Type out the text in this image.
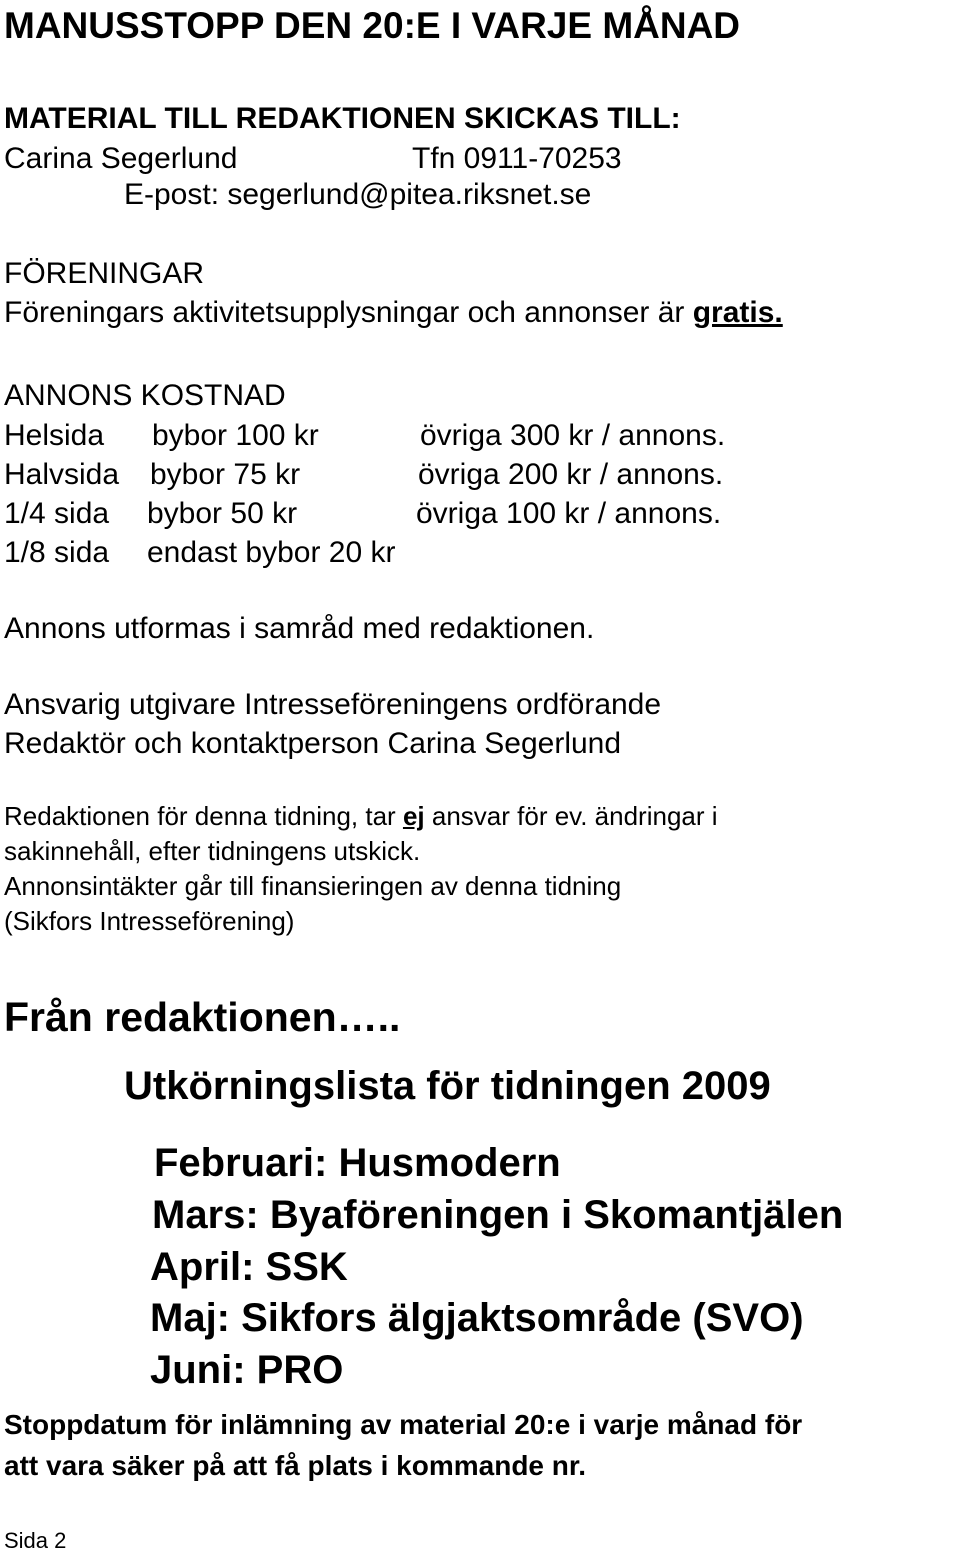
MANUSSTOPP DEN 20:E I VARJE MÅNAD
MATERIAL TILL REDAKTIONEN SKICKAS TILL:
Carina Segerlund	Tfn 0911-70253
E-post: segerlund@pitea.riksnet.se
FÖRENINGAR
Föreningars aktivitetsupplysningar och annonser är gratis.
ANNONS KOSTNAD
Helsida bybor 100 kr	övriga 300 kr / annons.
Halvsida bybor 75 kr	övriga 200 kr / annons.
1/4 sida bybor 50 kr	övriga 100 kr / annons.
1/8 sida endast bybor 20 kr
Annons utformas i samråd med redaktionen.
Ansvarig utgivare Intresseföreningens ordförande
Redaktör och kontaktperson Carina Segerlund
Redaktionen för denna tidning, tar ej ansvar för ev. ändringar i
sakinnehåll, efter tidningens utskick.
Annonsintäkter går till finansieringen av denna tidning
(Sikfors Intresseförening)
Från redaktionen…..
Utkörningslista för tidningen 2009
Februari: Husmodern
Mars: Byaföreningen i Skomantjälen
April: SSK
Maj: Sikfors älgjaktsområde (SVO)
Juni: PRO
Stoppdatum för inlämning av material 20:e i varje månad för
att vara säker på att få plats i kommande nr.
Sida 2
